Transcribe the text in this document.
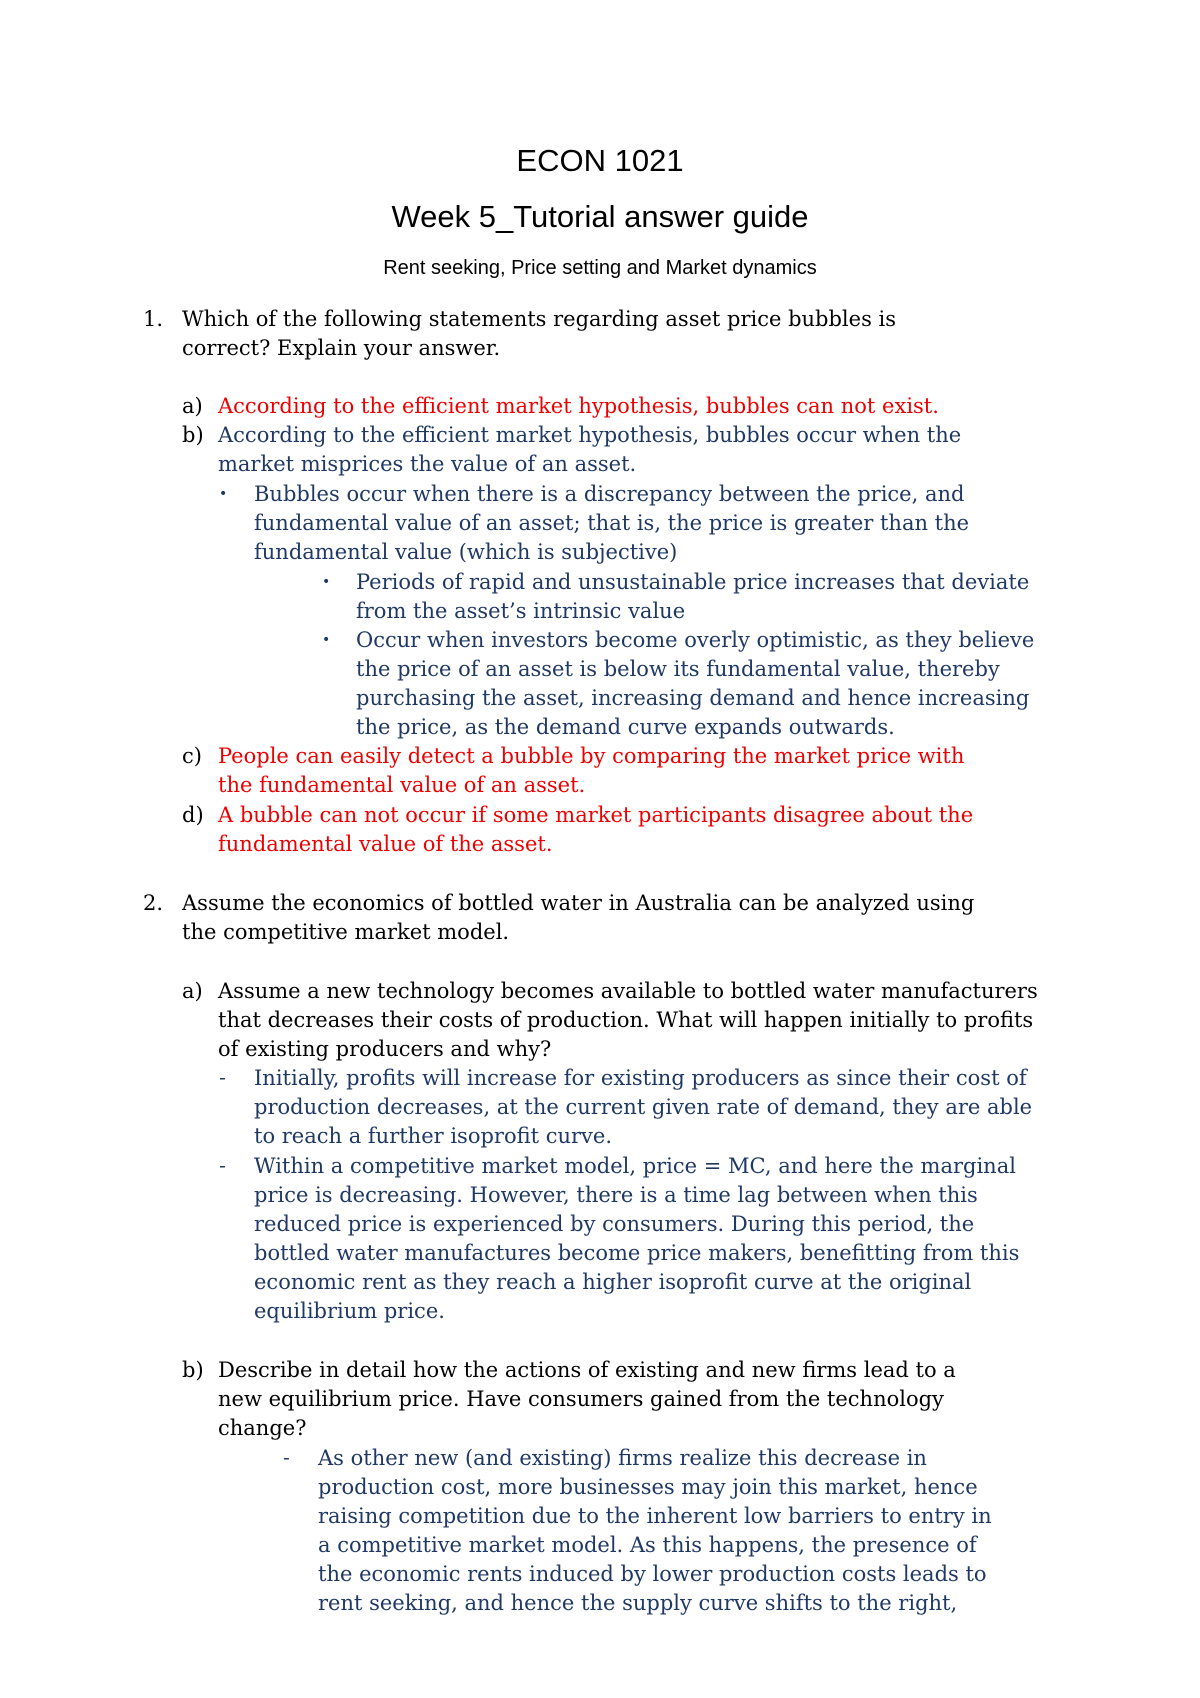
ECON 1021
Week 5_Tutorial answer guide
Rent seeking, Price setting and Market dynamics
1. Which of the following statements regarding asset price bubbles is
correct? Explain your answer.
a) According to the efficient market hypothesis, bubbles can not exist.
b) According to the efficient market hypothesis, bubbles occur when the
market misprices the value of an asset.
• Bubbles occur when there is a discrepancy between the price, and
fundamental value of an asset; that is, the price is greater than the
fundamental value (which is subjective)
• Periods of rapid and unsustainable price increases that deviate
from the asset’s intrinsic value
• Occur when investors become overly optimistic, as they believe
the price of an asset is below its fundamental value, thereby
purchasing the asset, increasing demand and hence increasing
the price, as the demand curve expands outwards.
c) People can easily detect a bubble by comparing the market price with
the fundamental value of an asset.
d) A bubble can not occur if some market participants disagree about the
fundamental value of the asset.
2. Assume the economics of bottled water in Australia can be analyzed using
the competitive market model.
a) Assume a new technology becomes available to bottled water manufacturers
that decreases their costs of production. What will happen initially to profits
of existing producers and why?
- Initially, profits will increase for existing producers as since their cost of
production decreases, at the current given rate of demand, they are able
to reach a further isoprofit curve.
- Within a competitive market model, price = MC, and here the marginal
price is decreasing. However, there is a time lag between when this
reduced price is experienced by consumers. During this period, the
bottled water manufactures become price makers, benefitting from this
economic rent as they reach a higher isoprofit curve at the original
equilibrium price.
b) Describe in detail how the actions of existing and new firms lead to a
new equilibrium price. Have consumers gained from the technology
change?
- As other new (and existing) firms realize this decrease in
production cost, more businesses may join this market, hence
raising competition due to the inherent low barriers to entry in
a competitive market model. As this happens, the presence of
the economic rents induced by lower production costs leads to
rent seeking, and hence the supply curve shifts to the right,
